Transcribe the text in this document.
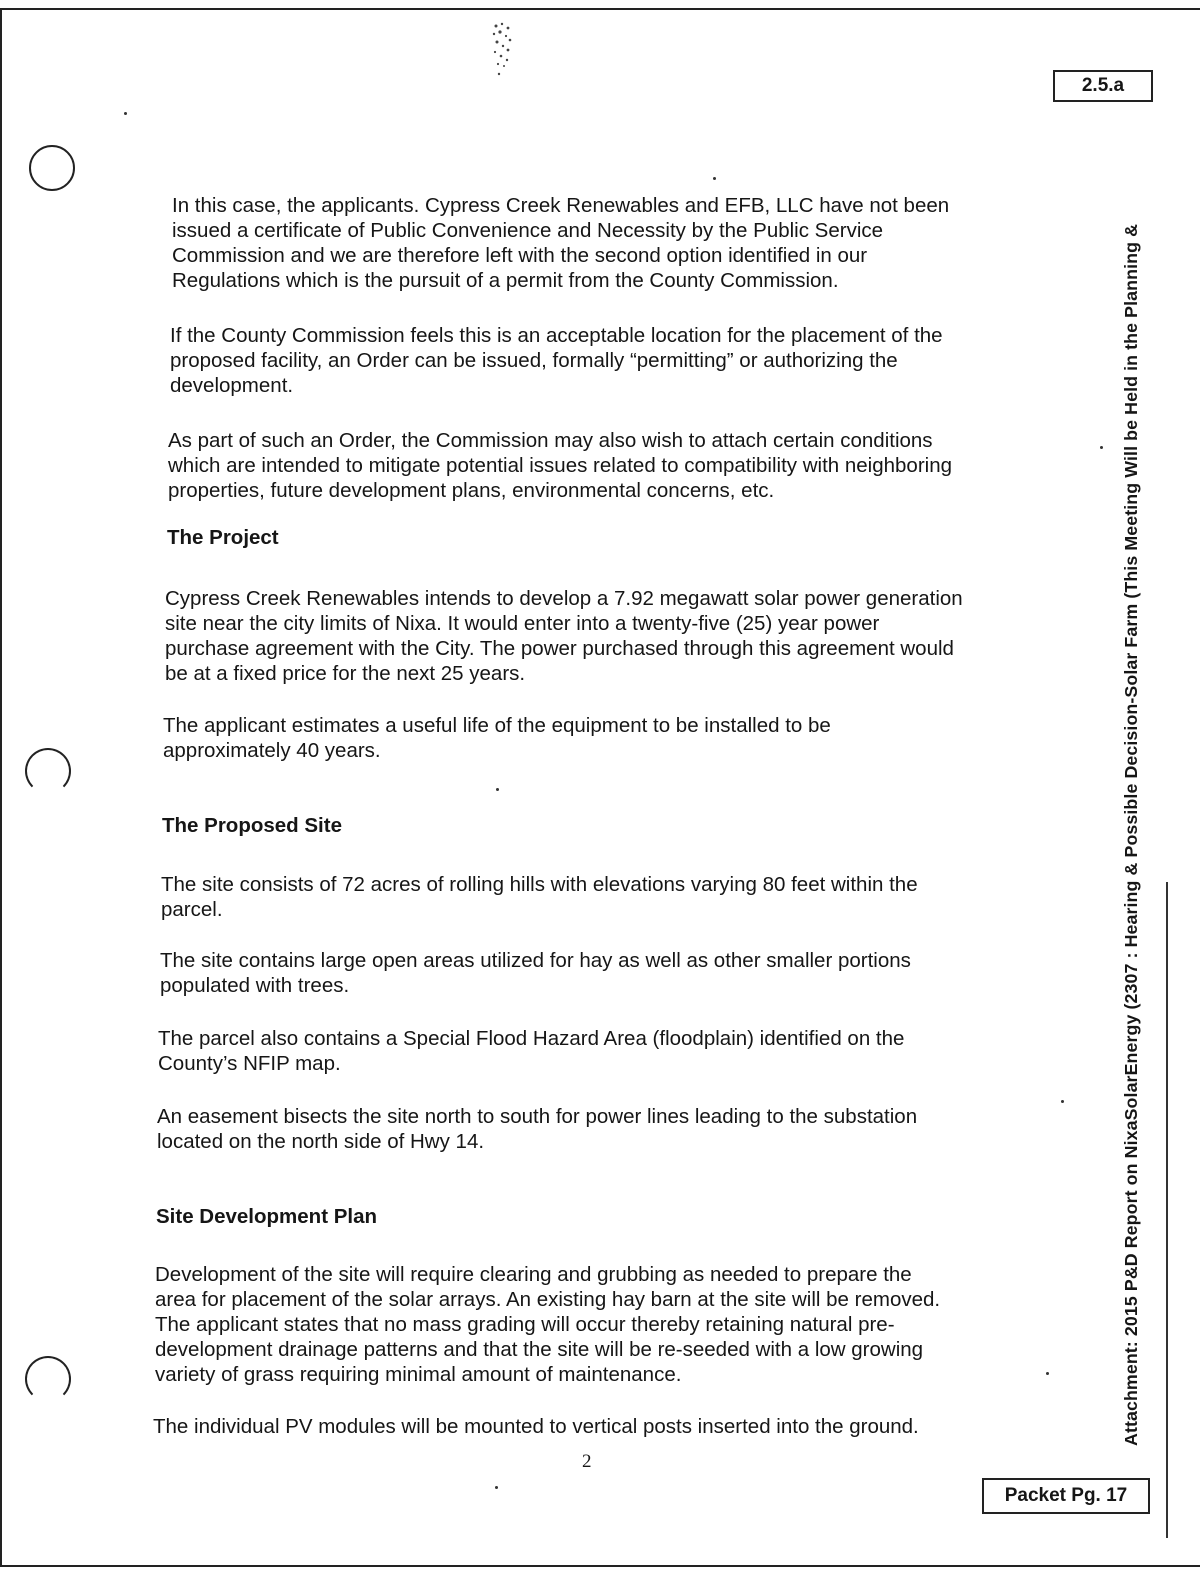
2.5.a
Attachment: 2015 P&D Report on NixaSolarEnergy (2307 : Hearing & Possible Decision-Solar Farm (This Meeting Will be Held in the Planning &

In this case, the applicants. Cypress Creek Renewables and EFB, LLC have not been
issued a certificate of Public Convenience and Necessity by the Public Service
Commission and we are therefore left with the second option identified in our
Regulations which is the pursuit of a permit from the County Commission.

If the County Commission feels this is an acceptable location for the placement of the
proposed facility, an Order can be issued, formally “permitting” or authorizing the
development.

As part of such an Order, the Commission may also wish to attach certain conditions
which are intended to mitigate potential issues related to compatibility with neighboring
properties, future development plans, environmental concerns, etc.

The Project

Cypress Creek Renewables intends to develop a 7.92 megawatt solar power generation
site near the city limits of Nixa. It would enter into a twenty-five (25) year power
purchase agreement with the City. The power purchased through this agreement would
be at a fixed price for the next 25 years.

The applicant estimates a useful life of the equipment to be installed to be
approximately 40 years.

The Proposed Site

The site consists of 72 acres of rolling hills with elevations varying 80 feet within the
parcel.

The site contains large open areas utilized for hay as well as other smaller portions
populated with trees.

The parcel also contains a Special Flood Hazard Area (floodplain) identified on the
County’s NFIP map.

An easement bisects the site north to south for power lines leading to the substation
located on the north side of Hwy 14.

Site Development Plan

Development of the site will require clearing and grubbing as needed to prepare the
area for placement of the solar arrays. An existing hay barn at the site will be removed.
The applicant states that no mass grading will occur thereby retaining natural pre-
development drainage patterns and that the site will be re-seeded with a low growing
variety of grass requiring minimal amount of maintenance.

The individual PV modules will be mounted to vertical posts inserted into the ground.

2
Packet Pg. 17
